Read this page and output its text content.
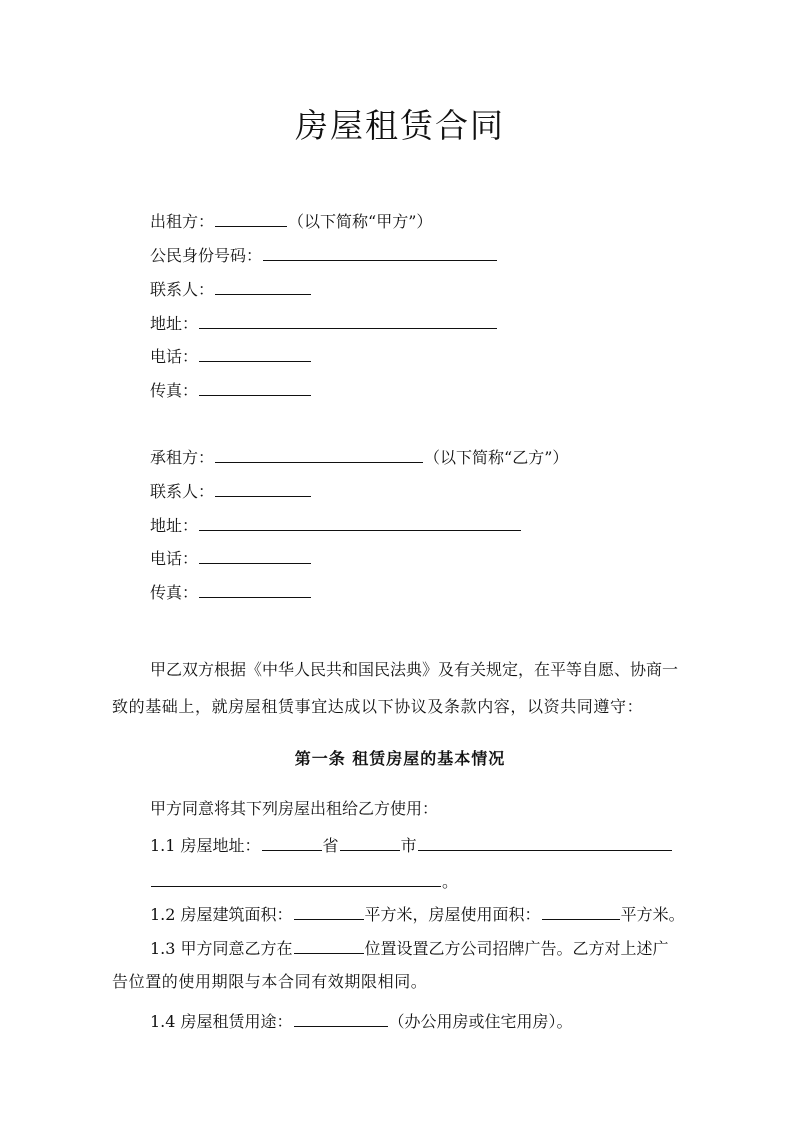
房屋租赁合同
出租方：	（以下简称“甲方”）
公民身份号码：
联系人：
地址：
电话：
传真：
承租方：	（以下简称“乙方”）
联系人：
地址：
电话：
传真：
甲乙双方根据《中华人民共和国民法典》及有关规定，在平等自愿、协商一
致的基础上，就房屋租赁事宜达成以下协议及条款内容，以资共同遵守：
第一条 租赁房屋的基本情况
甲方同意将其下列房屋出租给乙方使用：
1.1 房屋地址：	省	市
。
1.2 房屋建筑面积：	平方米，房屋使用面积：	平方米。
1.3 甲方同意乙方在	位置设置乙方公司招牌广告。乙方对上述广
告位置的使用期限与本合同有效期限相同。
1.4 房屋租赁用途：	（办公用房或住宅用房）。
